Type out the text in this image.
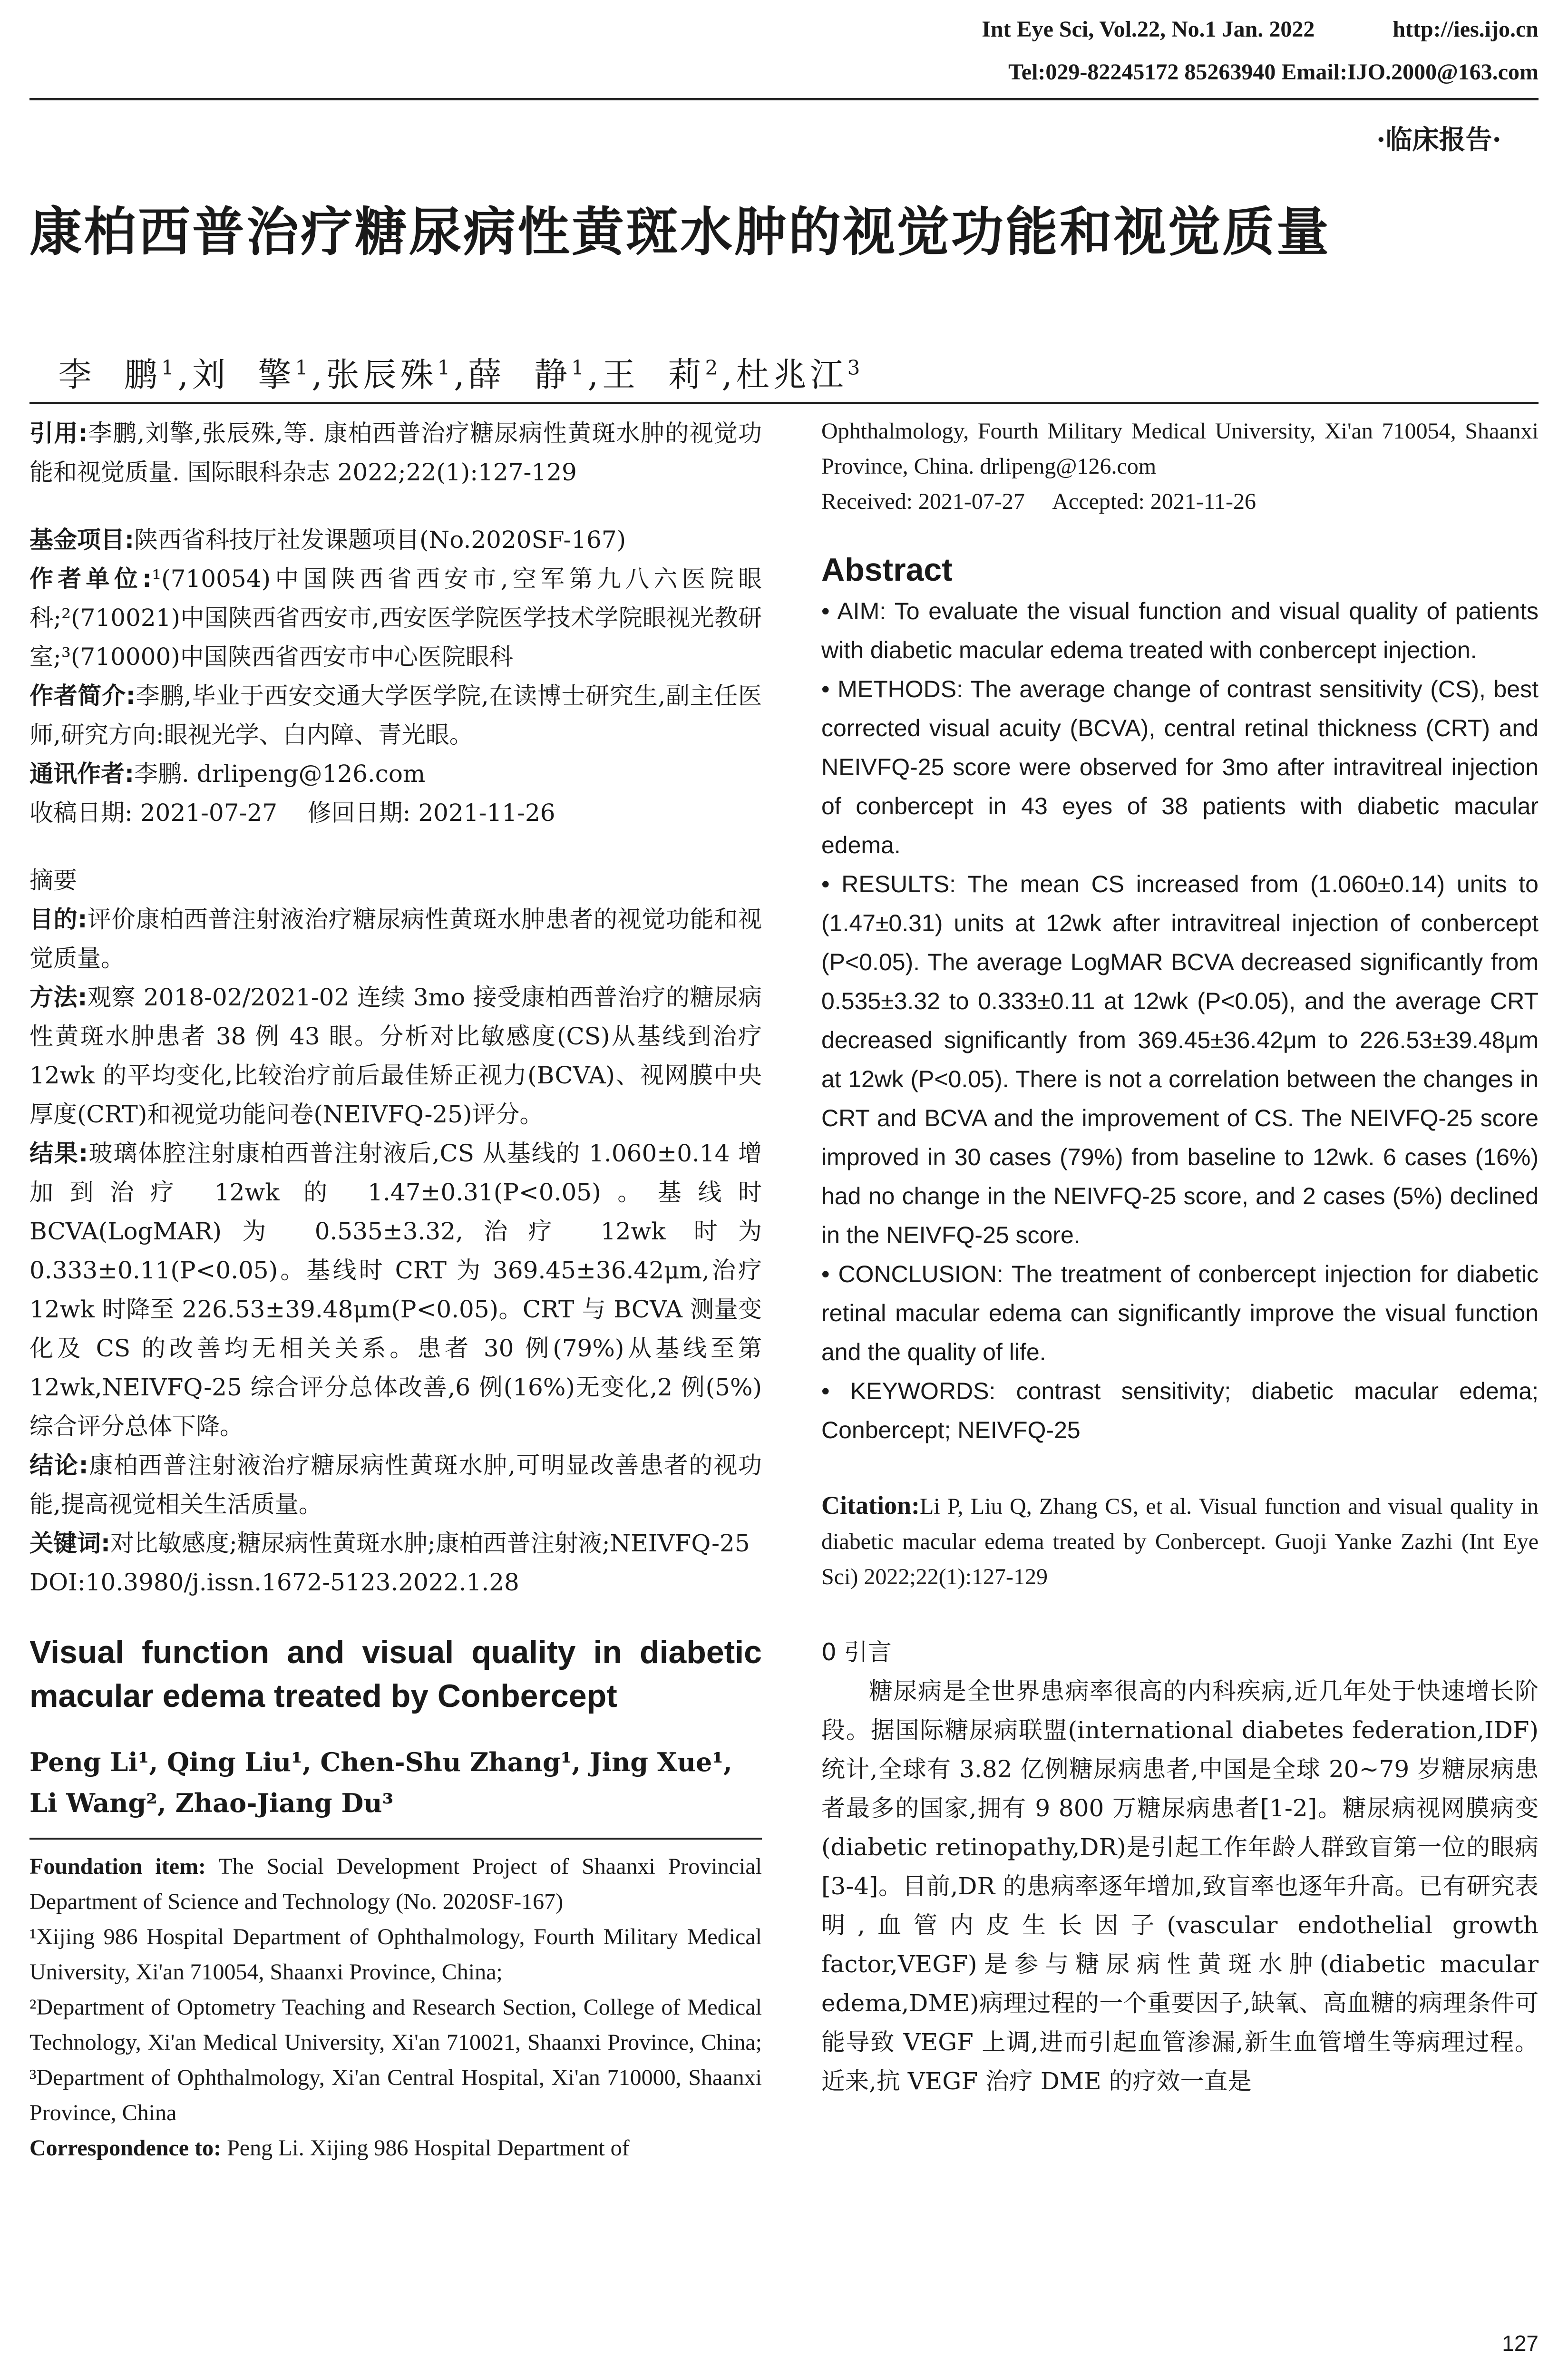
Int Eye Sci, Vol.22, No.1 Jan. 2022	http://ies.ijo.cn
Tel:029-82245172 85263940 Email:IJO.2000@163.com
·临床报告·
康柏西普治疗糖尿病性黄斑水肿的视觉功能和视觉质量

李  鹏$^1$,刘  擎$^1$,张辰殊$^1$,薛  静$^1$,王  莉$^2$,杜兆江$^3$

引用:李鹏,刘擎,张辰殊,等. 康柏西普治疗糖尿病性黄斑水肿的视觉功能和视觉质量. 国际眼科杂志 2022;22(1):127-129

基金项目:陕西省科技厅社发课题项目(No.2020SF-167)

作者单位:¹(710054)中国陕西省西安市,空军第九八六医院眼科;²(710021)中国陕西省西安市,西安医学院医学技术学院眼视光教研室;³(710000)中国陕西省西安市中心医院眼科

作者简介:李鹏,毕业于西安交通大学医学院,在读博士研究生,副主任医师,研究方向:眼视光学、白内障、青光眼。

通讯作者:李鹏. drlipeng@126.com

收稿日期: 2021-07-27    修回日期: 2021-11-26

摘要

目的:评价康柏西普注射液治疗糖尿病性黄斑水肿患者的视觉功能和视觉质量。

方法:观察 2018-02/2021-02 连续 3mo 接受康柏西普治疗的糖尿病性黄斑水肿患者 38 例 43 眼。分析对比敏感度(CS)从基线到治疗 12wk 的平均变化,比较治疗前后最佳矫正视力(BCVA)、视网膜中央厚度(CRT)和视觉功能问卷(NEIVFQ-25)评分。

结果:玻璃体腔注射康柏西普注射液后,CS 从基线的 1.060±0.14 增加到治疗 12wk 的 1.47±0.31(P<0.05)。基线时 BCVA(LogMAR)为 0.535±3.32,治疗 12wk 时为 0.333±0.11(P<0.05)。基线时 CRT 为 369.45±36.42μm,治疗 12wk 时降至 226.53±39.48μm(P<0.05)。CRT 与 BCVA 测量变化及 CS 的改善均无相关关系。患者 30 例(79%)从基线至第 12wk,NEIVFQ-25 综合评分总体改善,6 例(16%)无变化,2 例(5%)综合评分总体下降。

结论:康柏西普注射液治疗糖尿病性黄斑水肿,可明显改善患者的视功能,提高视觉相关生活质量。

关键词:对比敏感度;糖尿病性黄斑水肿;康柏西普注射液;NEIVFQ-25

DOI:10.3980/j.issn.1672-5123.2022.1.28

Visual function and visual quality in diabetic macular edema treated by Conbercept

Peng Li¹, Qing Liu¹, Chen-Shu Zhang¹, Jing Xue¹, Li Wang², Zhao-Jiang Du³

Foundation item: The Social Development Project of Shaanxi Provincial Department of Science and Technology (No. 2020SF-167)

¹Xijing 986 Hospital Department of Ophthalmology, Fourth Military Medical University, Xi'an 710054, Shaanxi Province, China;

²Department of Optometry Teaching and Research Section, College of Medical Technology, Xi'an Medical University, Xi'an 710021, Shaanxi Province, China; ³Department of Ophthalmology, Xi'an Central Hospital, Xi'an 710000, Shaanxi Province, China

Correspondence to: Peng Li. Xijing 986 Hospital Department of

Ophthalmology, Fourth Military Medical University, Xi'an 710054, Shaanxi Province, China. drlipeng@126.com

Received: 2021-07-27     Accepted: 2021-11-26

Abstract

• AIM: To evaluate the visual function and visual quality of patients with diabetic macular edema treated with conbercept injection.

• METHODS: The average change of contrast sensitivity (CS), best corrected visual acuity (BCVA), central retinal thickness (CRT) and NEIVFQ-25 score were observed for 3mo after intravitreal injection of conbercept in 43 eyes of 38 patients with diabetic macular edema.

• RESULTS: The mean CS increased from (1.060±0.14) units to (1.47±0.31) units at 12wk after intravitreal injection of conbercept (P<0.05). The average LogMAR BCVA decreased significantly from 0.535±3.32 to 0.333±0.11 at 12wk (P<0.05), and the average CRT decreased significantly from 369.45±36.42μm to 226.53±39.48μm at 12wk (P<0.05). There is not a correlation between the changes in CRT and BCVA and the improvement of CS. The NEIVFQ-25 score improved in 30 cases (79%) from baseline to 12wk. 6 cases (16%) had no change in the NEIVFQ-25 score, and 2 cases (5%) declined in the NEIVFQ-25 score.

• CONCLUSION: The treatment of conbercept injection for diabetic retinal macular edema can significantly improve the visual function and the quality of life.

• KEYWORDS: contrast sensitivity; diabetic macular edema; Conbercept; NEIVFQ-25

Citation:Li P, Liu Q, Zhang CS, et al. Visual function and visual quality in diabetic macular edema treated by Conbercept. Guoji Yanke Zazhi (Int Eye Sci) 2022;22(1):127-129

0 引言

糖尿病是全世界患病率很高的内科疾病,近几年处于快速增长阶段。据国际糖尿病联盟(international diabetes federation,IDF)统计,全球有 3.82 亿例糖尿病患者,中国是全球 20~79 岁糖尿病患者最多的国家,拥有 9 800 万糖尿病患者[1-2]。糖尿病视网膜病变(diabetic retinopathy,DR)是引起工作年龄人群致盲第一位的眼病[3-4]。目前,DR 的患病率逐年增加,致盲率也逐年升高。已有研究表明,血管内皮生长因子(vascular endothelial growth factor,VEGF)是参与糖尿病性黄斑水肿(diabetic macular edema,DME)病理过程的一个重要因子,缺氧、高血糖的病理条件可能导致 VEGF 上调,进而引起血管渗漏,新生血管增生等病理过程。近来,抗 VEGF 治疗 DME 的疗效一直是

127
